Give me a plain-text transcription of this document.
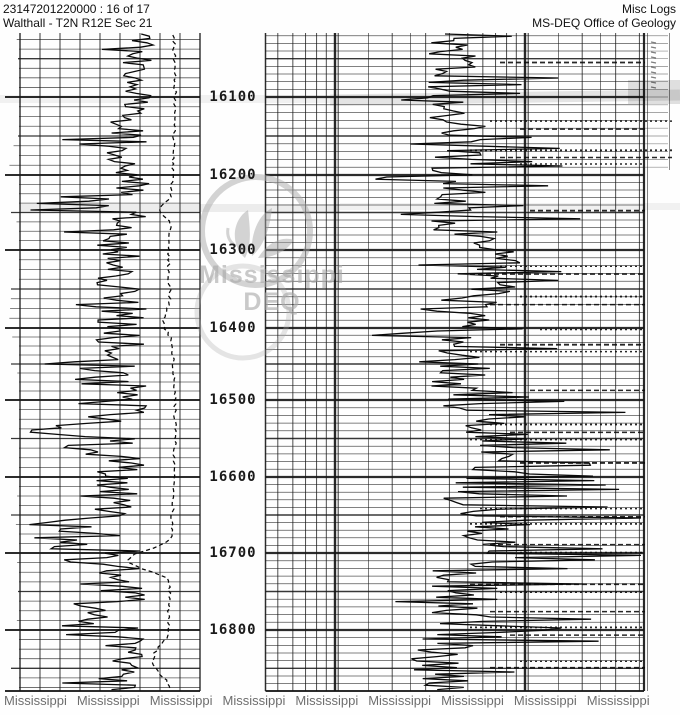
23147201220000 : 16 of 17
Walthall - T2N R12E Sec 21
Misc Logs
MS-DEQ Office of Geology
16100
16200
16300
16400
16500
16600
16700
16800
Mississippi
DEQ
Mississippi Mississippi Mississippi Mississippi Mississippi Mississippi Mississippi Mississippi Mississippi
